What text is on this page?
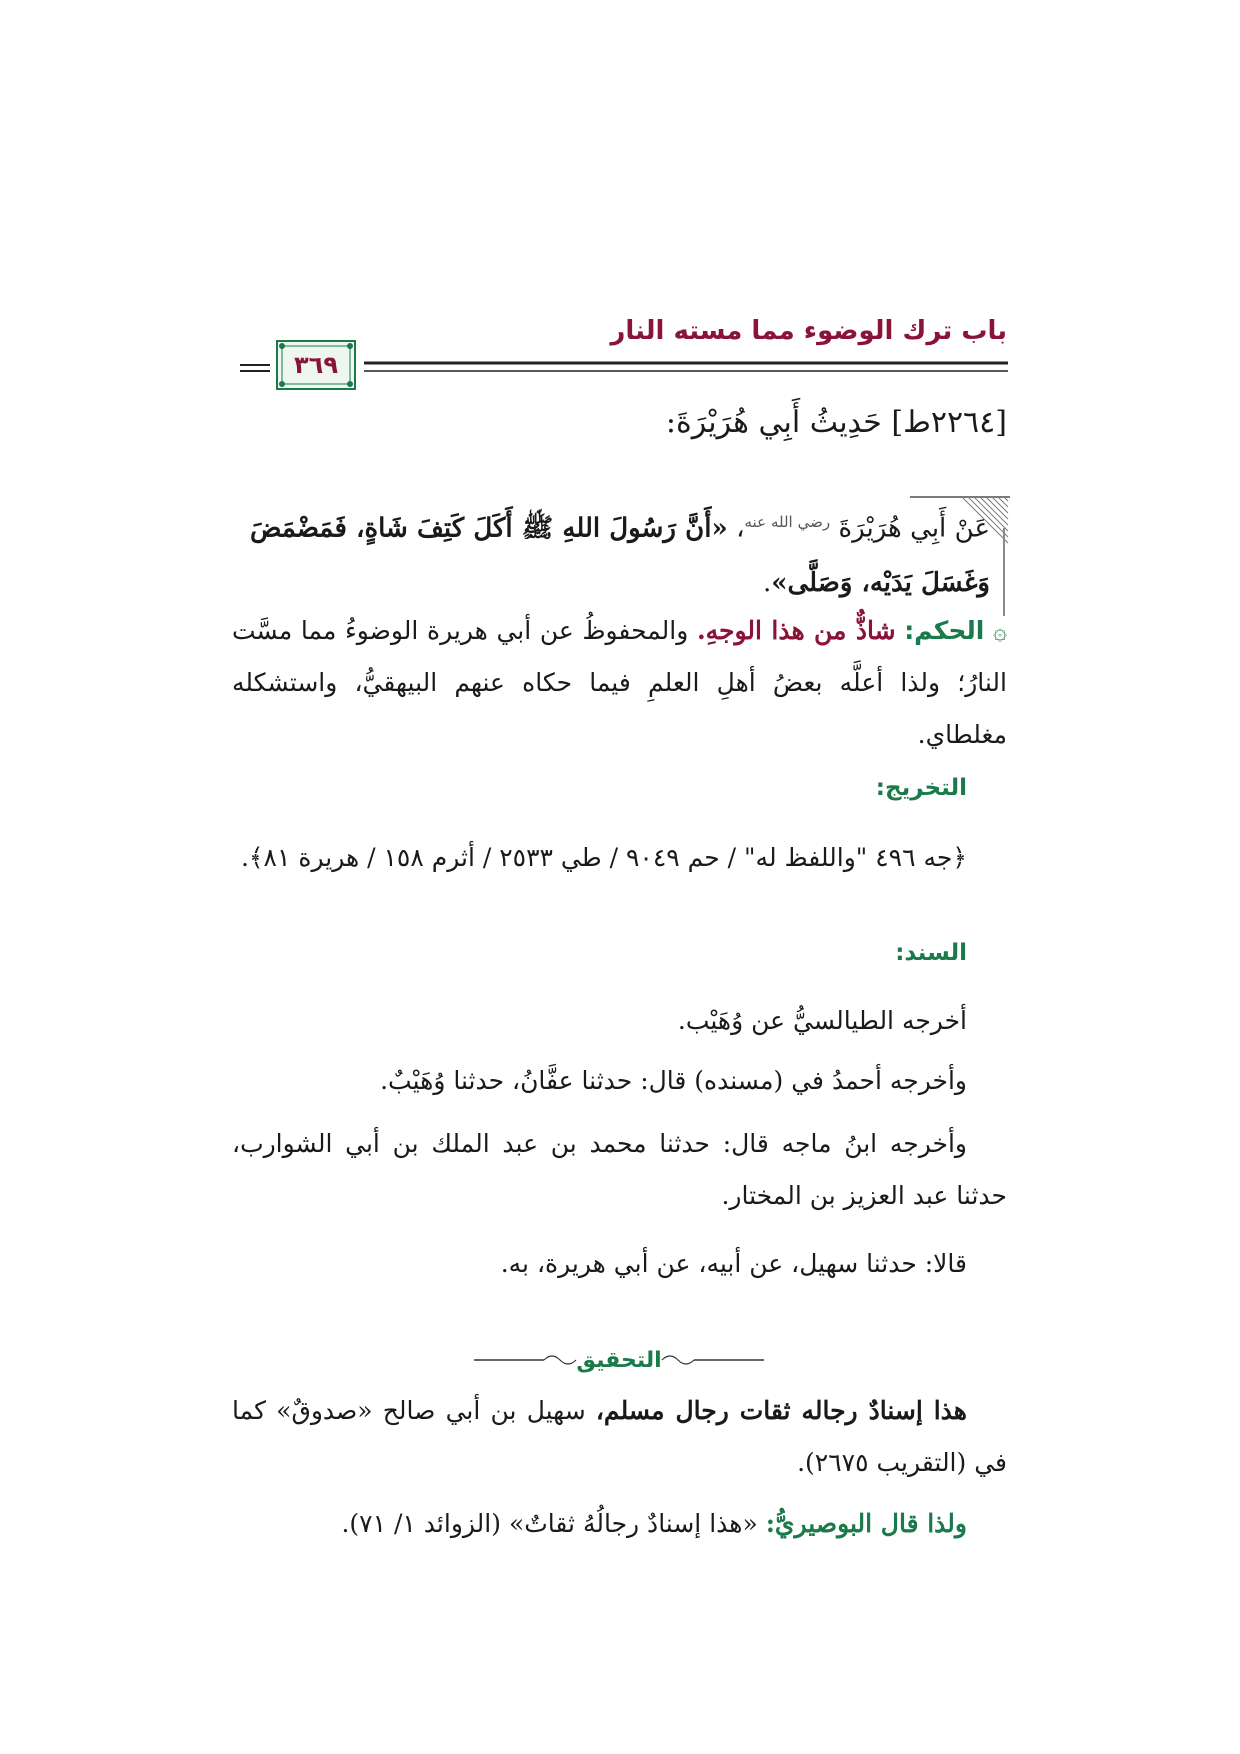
باب ترك الوضوء مما مسته النار
٣٦٩
[٢٢٦٤ط] حَدِيثُ أَبِي هُرَيْرَةَ:
عَنْ أَبِي هُرَيْرَةَ $^{رضي الله عنه}$، «أَنَّ رَسُولَ اللهِ ﷺ أَكَلَ كَتِفَ شَاةٍ، فَمَضْمَضَ وَغَسَلَ يَدَيْه، وَصَلَّى».
۞ الحكم: شاذٌّ من هذا الوجهِ. والمحفوظُ عن أبي هريرة الوضوءُ مما مسَّت النارُ؛ ولذا أعلَّه بعضُ أهلِ العلمِ فيما حكاه عنهم البيهقيُّ، واستشكله مغلطاي.
التخريج:
﴿جه ٤٩٦ "واللفظ له" / حم ٩٠٤٩ / طي ٢٥٣٣ / أثرم ١٥٨ / هريرة ٨١﴾.
السند:
أخرجه الطيالسيُّ عن وُهَيْب.
وأخرجه أحمدُ في (مسنده) قال: حدثنا عفَّانُ، حدثنا وُهَيْبٌ.
وأخرجه ابنُ ماجه قال: حدثنا محمد بن عبد الملك بن أبي الشوارب، حدثنا عبد العزيز بن المختار.
قالا: حدثنا سهيل، عن أبيه، عن أبي هريرة، به.
التحقيق
هذا إسنادٌ رجاله ثقات رجال مسلم، سهيل بن أبي صالح «صدوقٌ» كما في (التقريب ٢٦٧٥).
ولذا قال البوصيريُّ: «هذا إسنادٌ رجالُهُ ثقاتٌ» (الزوائد ١/ ٧١).
